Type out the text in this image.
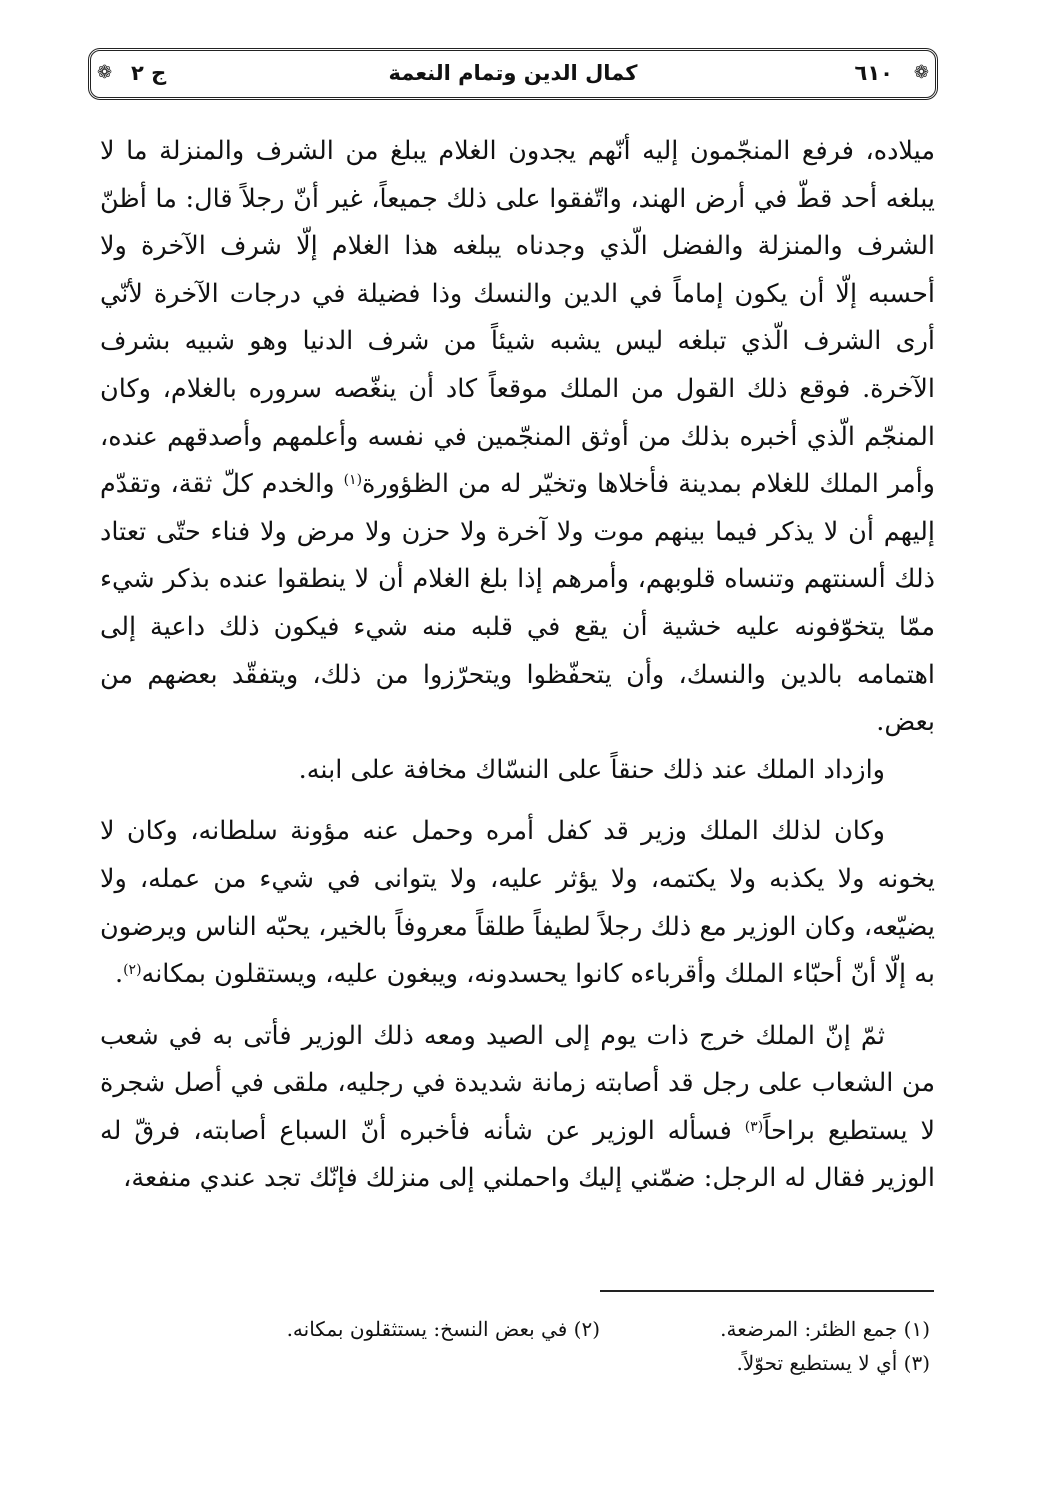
❁
٦١٠
كمال الدين وتمام النعمة
ج ٢
❁

ميلاده، فرفع المنجّمون إليه أنّهم يجدون الغلام يبلغ من الشرف والمنزلة ما لا يبلغه أحد قطّ في أرض الهند، واتّفقوا على ذلك جميعاً، غير أنّ رجلاً قال: ما أظنّ الشرف والمنزلة والفضل الّذي وجدناه يبلغه هذا الغلام إلّا شرف الآخرة ولا أحسبه إلّا أن يكون إماماً في الدين والنسك وذا فضيلة في درجات الآخرة لأنّي أرى الشرف الّذي تبلغه ليس يشبه شيئاً من شرف الدنيا وهو شبيه بشرف الآخرة. فوقع ذلك القول من الملك موقعاً كاد أن ينغّصه سروره بالغلام، وكان المنجّم الّذي أخبره بذلك من أوثق المنجّمين في نفسه وأعلمهم وأصدقهم عنده، وأمر الملك للغلام بمدينة فأخلاها وتخيّر له من الظؤورة$^{(١)}$ والخدم كلّ ثقة، وتقدّم إليهم أن لا يذكر فيما بينهم موت ولا آخرة ولا حزن ولا مرض ولا فناء حتّى تعتاد ذلك ألسنتهم وتنساه قلوبهم، وأمرهم إذا بلغ الغلام أن لا ينطقوا عنده بذكر شيء ممّا يتخوّفونه عليه خشية أن يقع في قلبه منه شيء فيكون ذلك داعية إلى اهتمامه بالدين والنسك، وأن يتحفّظوا ويتحرّزوا من ذلك، ويتفقّد بعضهم من بعض.

وازداد الملك عند ذلك حنقاً على النسّاك مخافة على ابنه.

وكان لذلك الملك وزير قد كفل أمره وحمل عنه مؤونة سلطانه، وكان لا يخونه ولا يكذبه ولا يكتمه، ولا يؤثر عليه، ولا يتوانى في شيء من عمله، ولا يضيّعه، وكان الوزير مع ذلك رجلاً لطيفاً طلقاً معروفاً بالخير، يحبّه الناس ويرضون به إلّا أنّ أحبّاء الملك وأقرباءه كانوا يحسدونه، ويبغون عليه، ويستقلون بمكانه$^{(٢)}$.

ثمّ إنّ الملك خرج ذات يوم إلى الصيد ومعه ذلك الوزير فأتى به في شعب من الشعاب على رجل قد أصابته زمانة شديدة في رجليه، ملقى في أصل شجرة لا يستطيع براحاً$^{(٣)}$ فسأله الوزير عن شأنه فأخبره أنّ السباع أصابته، فرقّ له الوزير فقال له الرجل: ضمّني إليك واحملني إلى منزلك فإنّك تجد عندي منفعة،

(١) جمع الظئر: المرضعة.
(٢) في بعض النسخ: يستثقلون بمكانه.
(٣) أي لا يستطيع تحوّلاً.
